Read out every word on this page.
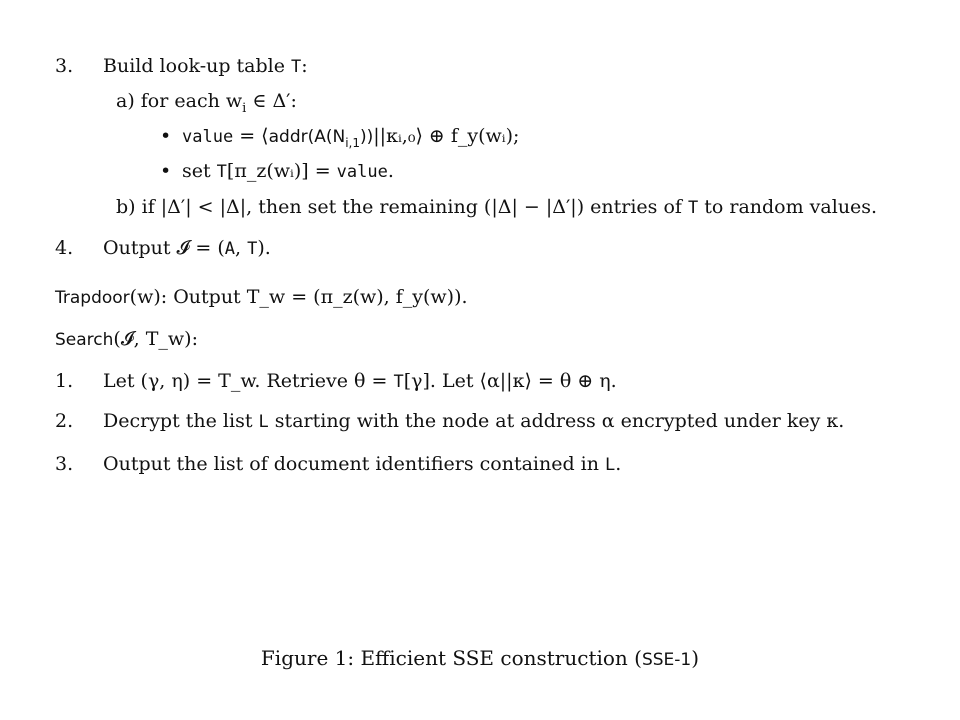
3. Build look-up table T:
a) for each $w_i$ ∈ Δ′:
• value = $⟨addr(A(N_{i,1}))||\kappa ᵢ,_0⟩$ ⊕ f_y(wᵢ);
• set T[π_z(wᵢ)] = value.
b) if |Δ′| < |Δ|, then set the remaining (|Δ| − |Δ′|) entries of T to random values.
4. Output 𝓘 = (A, T).
Trapdoor(w): Output T_w = (π_z(w), f_y(w)).
Search(𝓘, T_w):
1. Let (γ, η) = T_w. Retrieve θ = T[γ]. Let ⟨α||κ⟩ = θ ⊕ η.
2. Decrypt the list L starting with the node at address α encrypted under key κ.
3. Output the list of document identifiers contained in L.
Figure 1: Efficient SSE construction (SSE-1)
